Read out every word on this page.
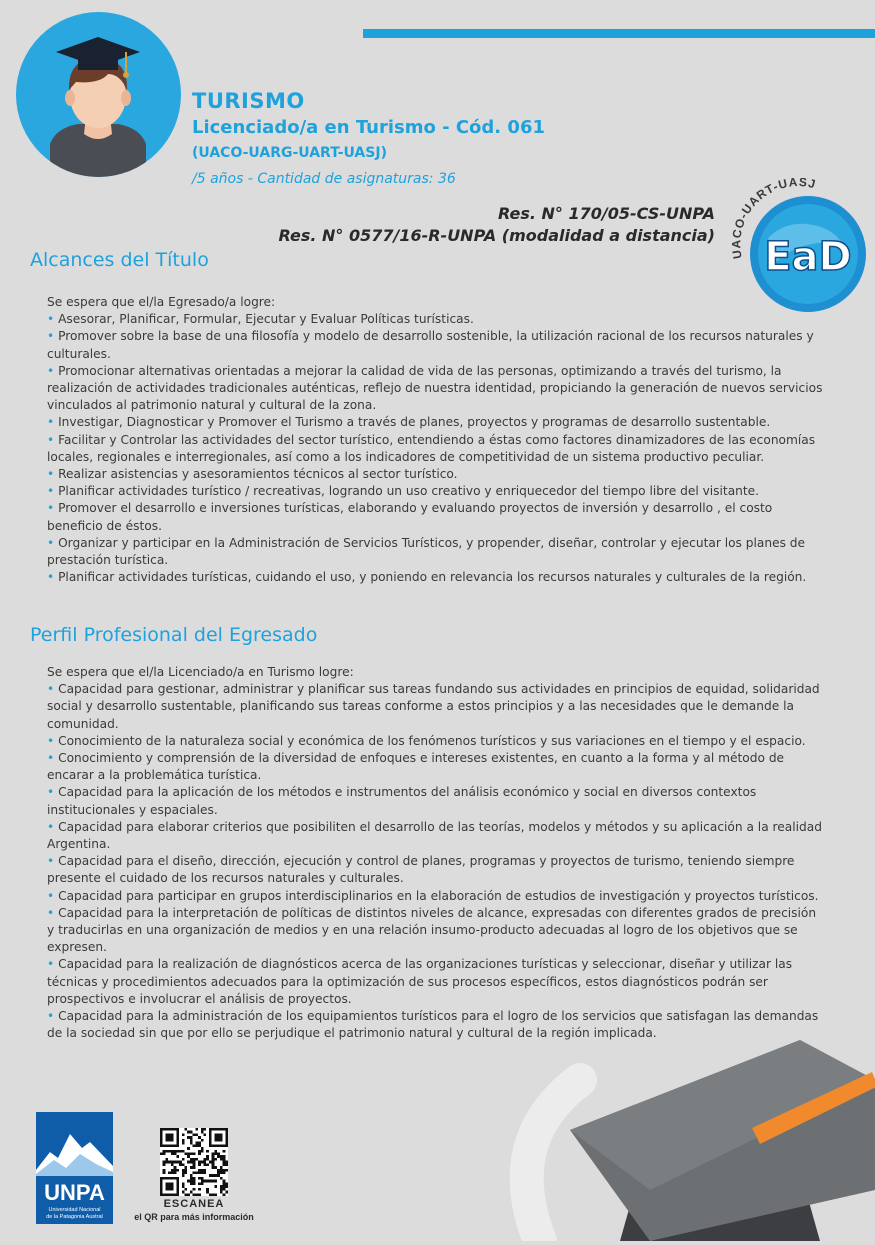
TURISMO
Licenciado/a en Turismo - Cód. 061
(UACO-UARG-UART-UASJ)
/5 años - Cantidad de asignaturas: 36
Res. N° 170/05-CS-UNPA
Res. N° 0577/16-R-UNPA (modalidad a distancia)
UACO-UART-UASJ
EaD
Alcances del Título

Se espera que el/la Egresado/a logre:

• Asesorar, Planificar, Formular, Ejecutar y Evaluar Políticas turísticas.

• Promover sobre la base de una filosofía y modelo de desarrollo sostenible, la utilización racional de los recursos naturales y culturales.

• Promocionar alternativas orientadas a mejorar la calidad de vida de las personas, optimizando a través del turismo, la realización de actividades tradicionales auténticas, reflejo de nuestra identidad, propiciando la generación de nuevos servicios vinculados al patrimonio natural y cultural de la zona.

• Investigar, Diagnosticar y Promover el Turismo a través de planes, proyectos y programas de desarrollo sustentable.

• Facilitar y Controlar las actividades del sector turístico, entendiendo a éstas como factores dinamizadores de las economías locales, regionales e interregionales, así como a los indicadores de competitividad de un sistema productivo peculiar.

• Realizar asistencias y asesoramientos técnicos al sector turístico.

• Planificar actividades turístico / recreativas, logrando un uso creativo y enriquecedor del tiempo libre del visitante.

• Promover el desarrollo e inversiones turísticas, elaborando y evaluando proyectos de inversión y desarrollo , el costo beneficio de éstos.

• Organizar y participar en la Administración de Servicios Turísticos, y propender, diseñar, controlar y ejecutar los planes de prestación turística.

• Planificar actividades turísticas, cuidando el uso, y poniendo en relevancia los recursos naturales y culturales de la región.

Perfil Profesional del Egresado

Se espera que el/la Licenciado/a en Turismo logre:

• Capacidad para gestionar, administrar y planificar sus tareas fundando sus actividades en principios de equidad, solidaridad social y desarrollo sustentable, planificando sus tareas conforme a estos principios y a las necesidades que le demande la comunidad.

• Conocimiento de la naturaleza social y económica de los fenómenos turísticos y sus variaciones en el tiempo y el espacio.

• Conocimiento y comprensión de la diversidad de enfoques e intereses existentes, en cuanto a la forma y al método de encarar a la problemática turística.

• Capacidad para la aplicación de los métodos e instrumentos del análisis económico y social en diversos contextos institucionales y espaciales.

• Capacidad para elaborar criterios que posibiliten el desarrollo de las teorías, modelos y métodos y su aplicación a la realidad Argentina.

• Capacidad para el diseño, dirección, ejecución y control de planes, programas y proyectos de turismo, teniendo siempre presente el cuidado de los recursos naturales y culturales.

• Capacidad para participar en grupos interdisciplinarios en la elaboración de estudios de investigación y proyectos turísticos.

• Capacidad para la interpretación de políticas de distintos niveles de alcance, expresadas con diferentes grados de precisión y traducirlas en una organización de medios y en una relación insumo-producto adecuadas al logro de los objetivos que se expresen.

• Capacidad para la realización de diagnósticos acerca de las organizaciones turísticas y seleccionar, diseñar y utilizar las técnicas y procedimientos adecuados para la optimización de sus procesos específicos, estos diagnósticos podrán ser prospectivos e involucrar el análisis de proyectos.

• Capacidad para la administración de los equipamientos turísticos para el logro de los servicios que satisfagan las demandas de la sociedad sin que por ello se perjudique el patrimonio natural y cultural de la región implicada.

UNPA
Universidad Nacional
de la Patagonia Austral
ESCANEA
el QR para más información
